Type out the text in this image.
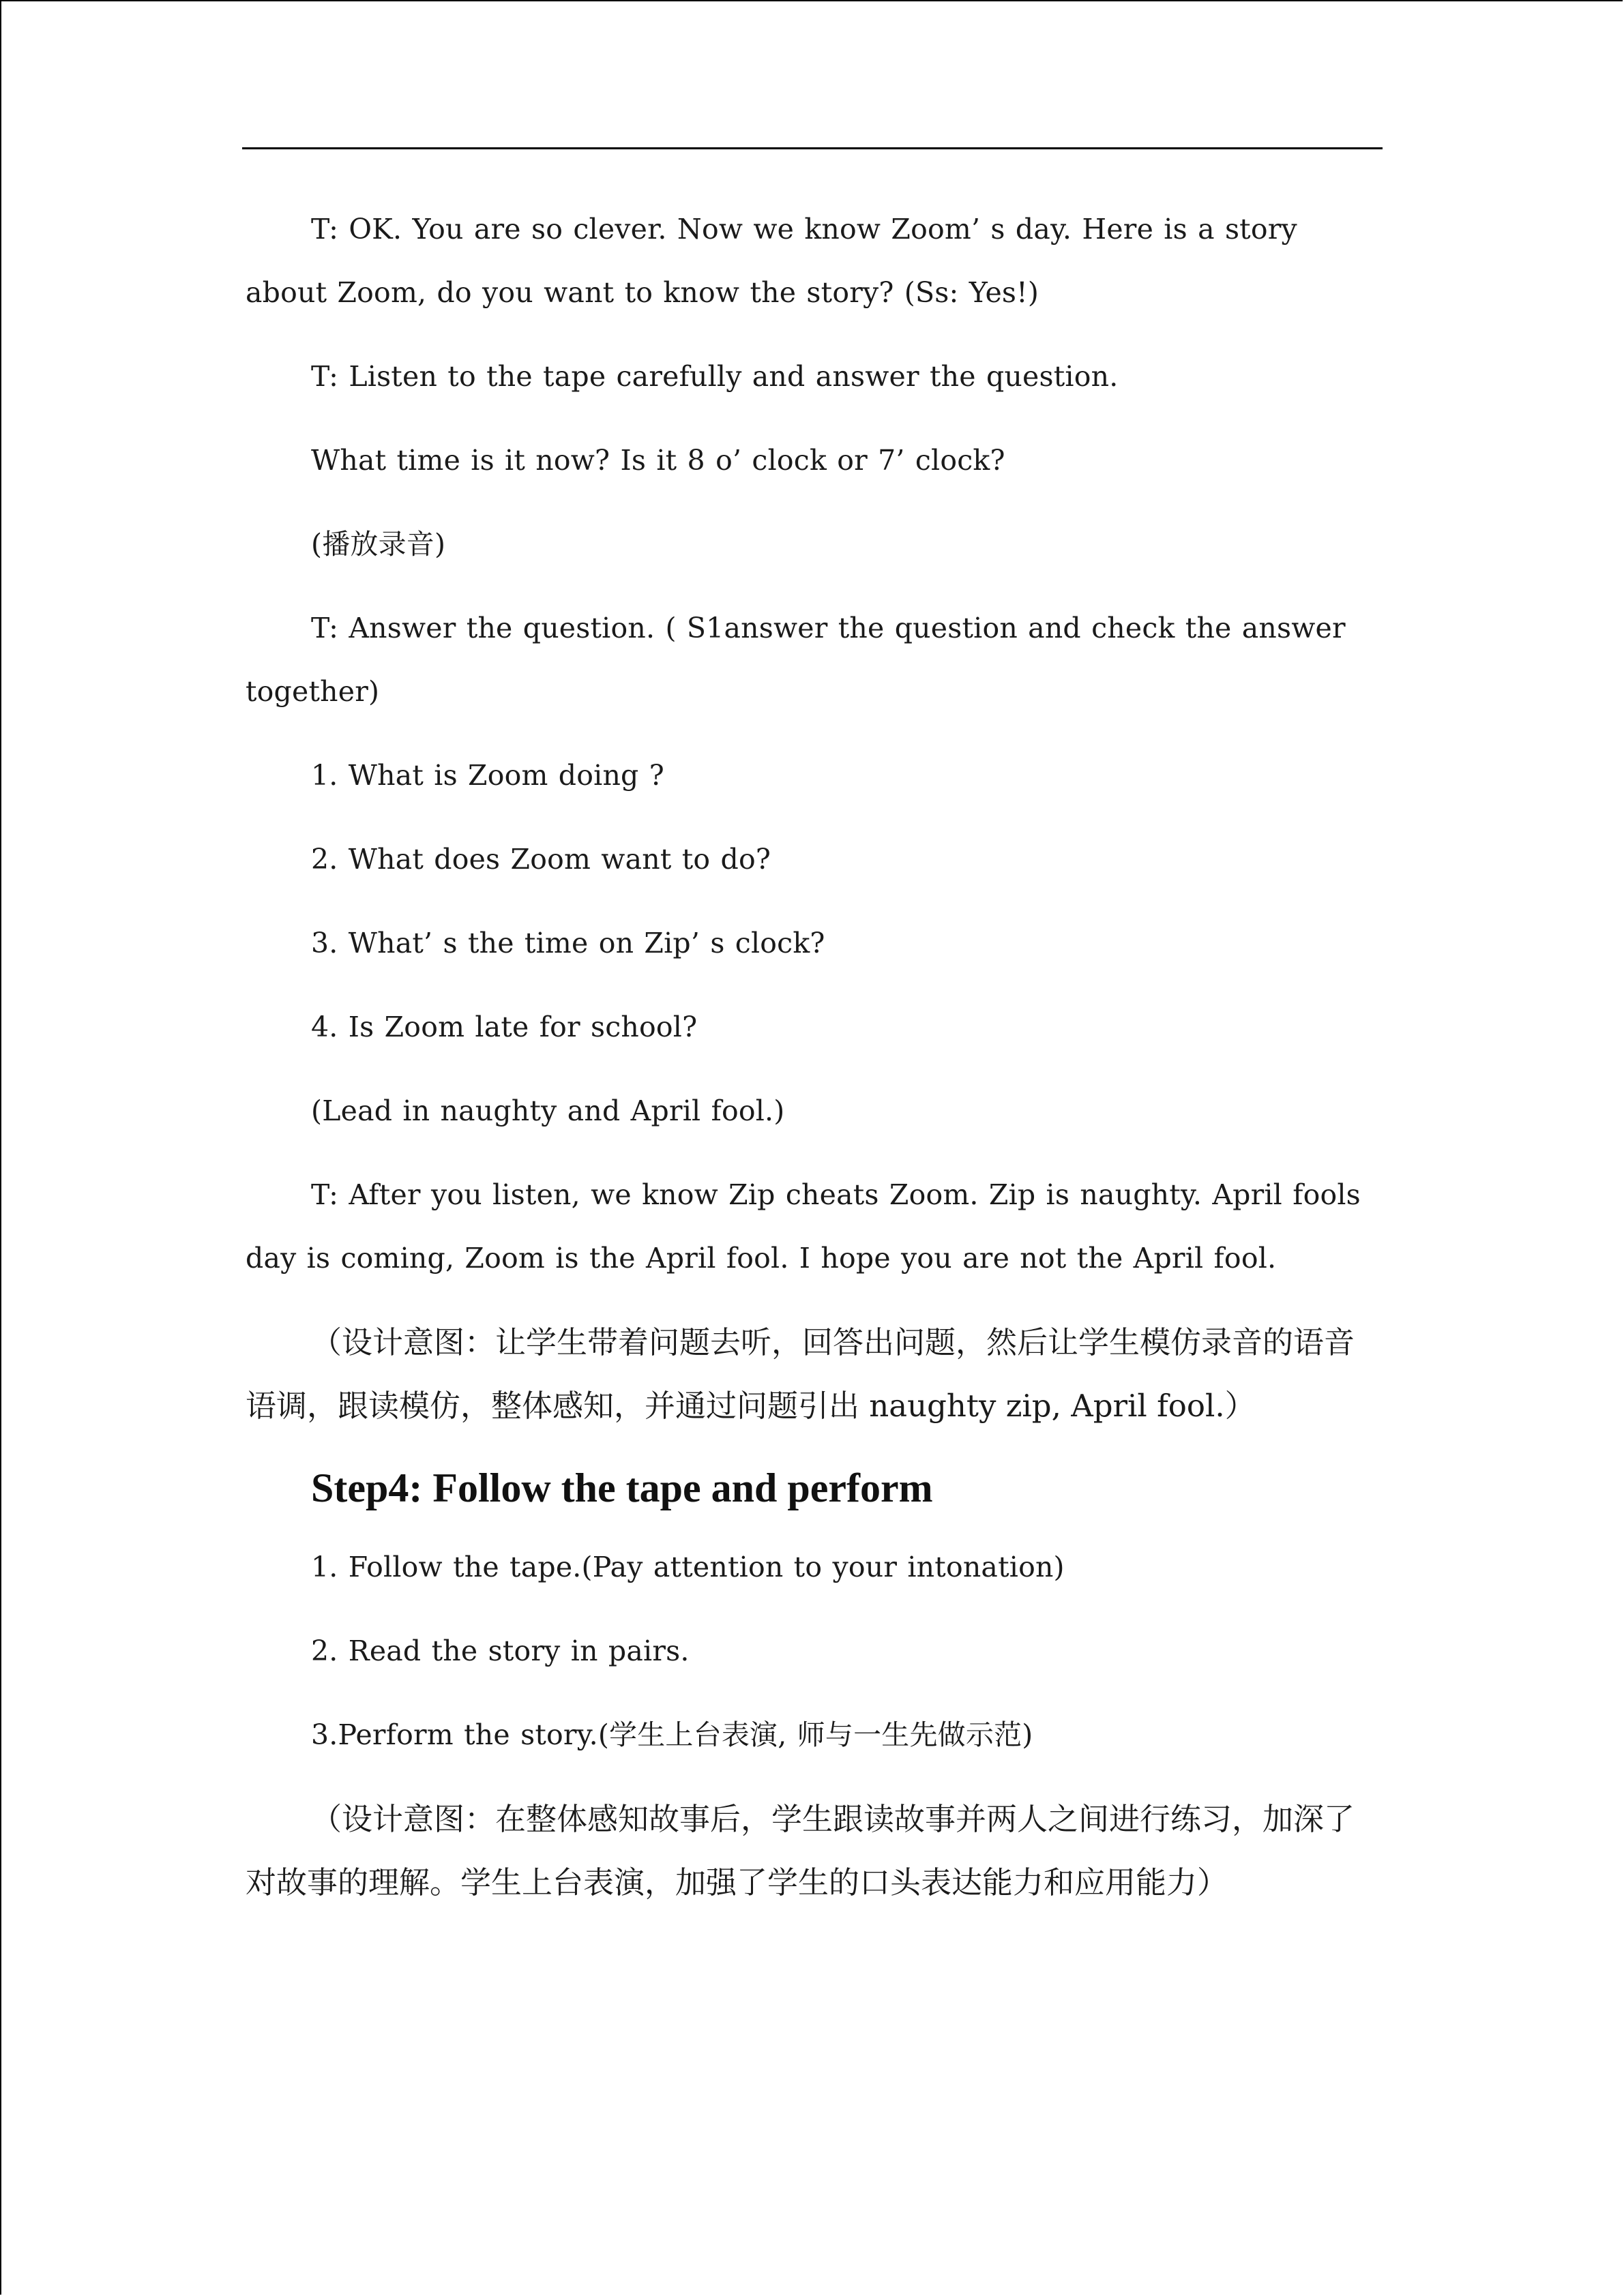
T: OK. You are so clever. Now we know Zoom’ s day. Here is a story about Zoom, do you want to know the story? (Ss: Yes!)

T: Listen to the tape carefully and answer the question.

What time is it now? Is it 8 o’ clock or 7’ clock?

(播放录音)

T: Answer the question. ( S1answer the question and check the answer together)

1. What is Zoom doing ?

2. What does Zoom want to do?

3. What’ s the time on Zip’ s clock?

4. Is Zoom late for school?

(Lead in naughty and April fool.)

T: After you listen, we know Zip cheats Zoom. Zip is naughty. April fools day is coming, Zoom is the April fool. I hope you are not the April fool.

（设计意图：让学生带着问题去听，回答出问题，然后让学生模仿录音的语音语调，跟读模仿，整体感知，并通过问题引出 naughty zip, April fool.）

Step4: Follow the tape and perform

1. Follow the tape.(Pay attention to your intonation)

2. Read the story in pairs.

3.Perform the story.(学生上台表演, 师与一生先做示范)

（设计意图：在整体感知故事后，学生跟读故事并两人之间进行练习，加深了对故事的理解。学生上台表演，加强了学生的口头表达能力和应用能力）
